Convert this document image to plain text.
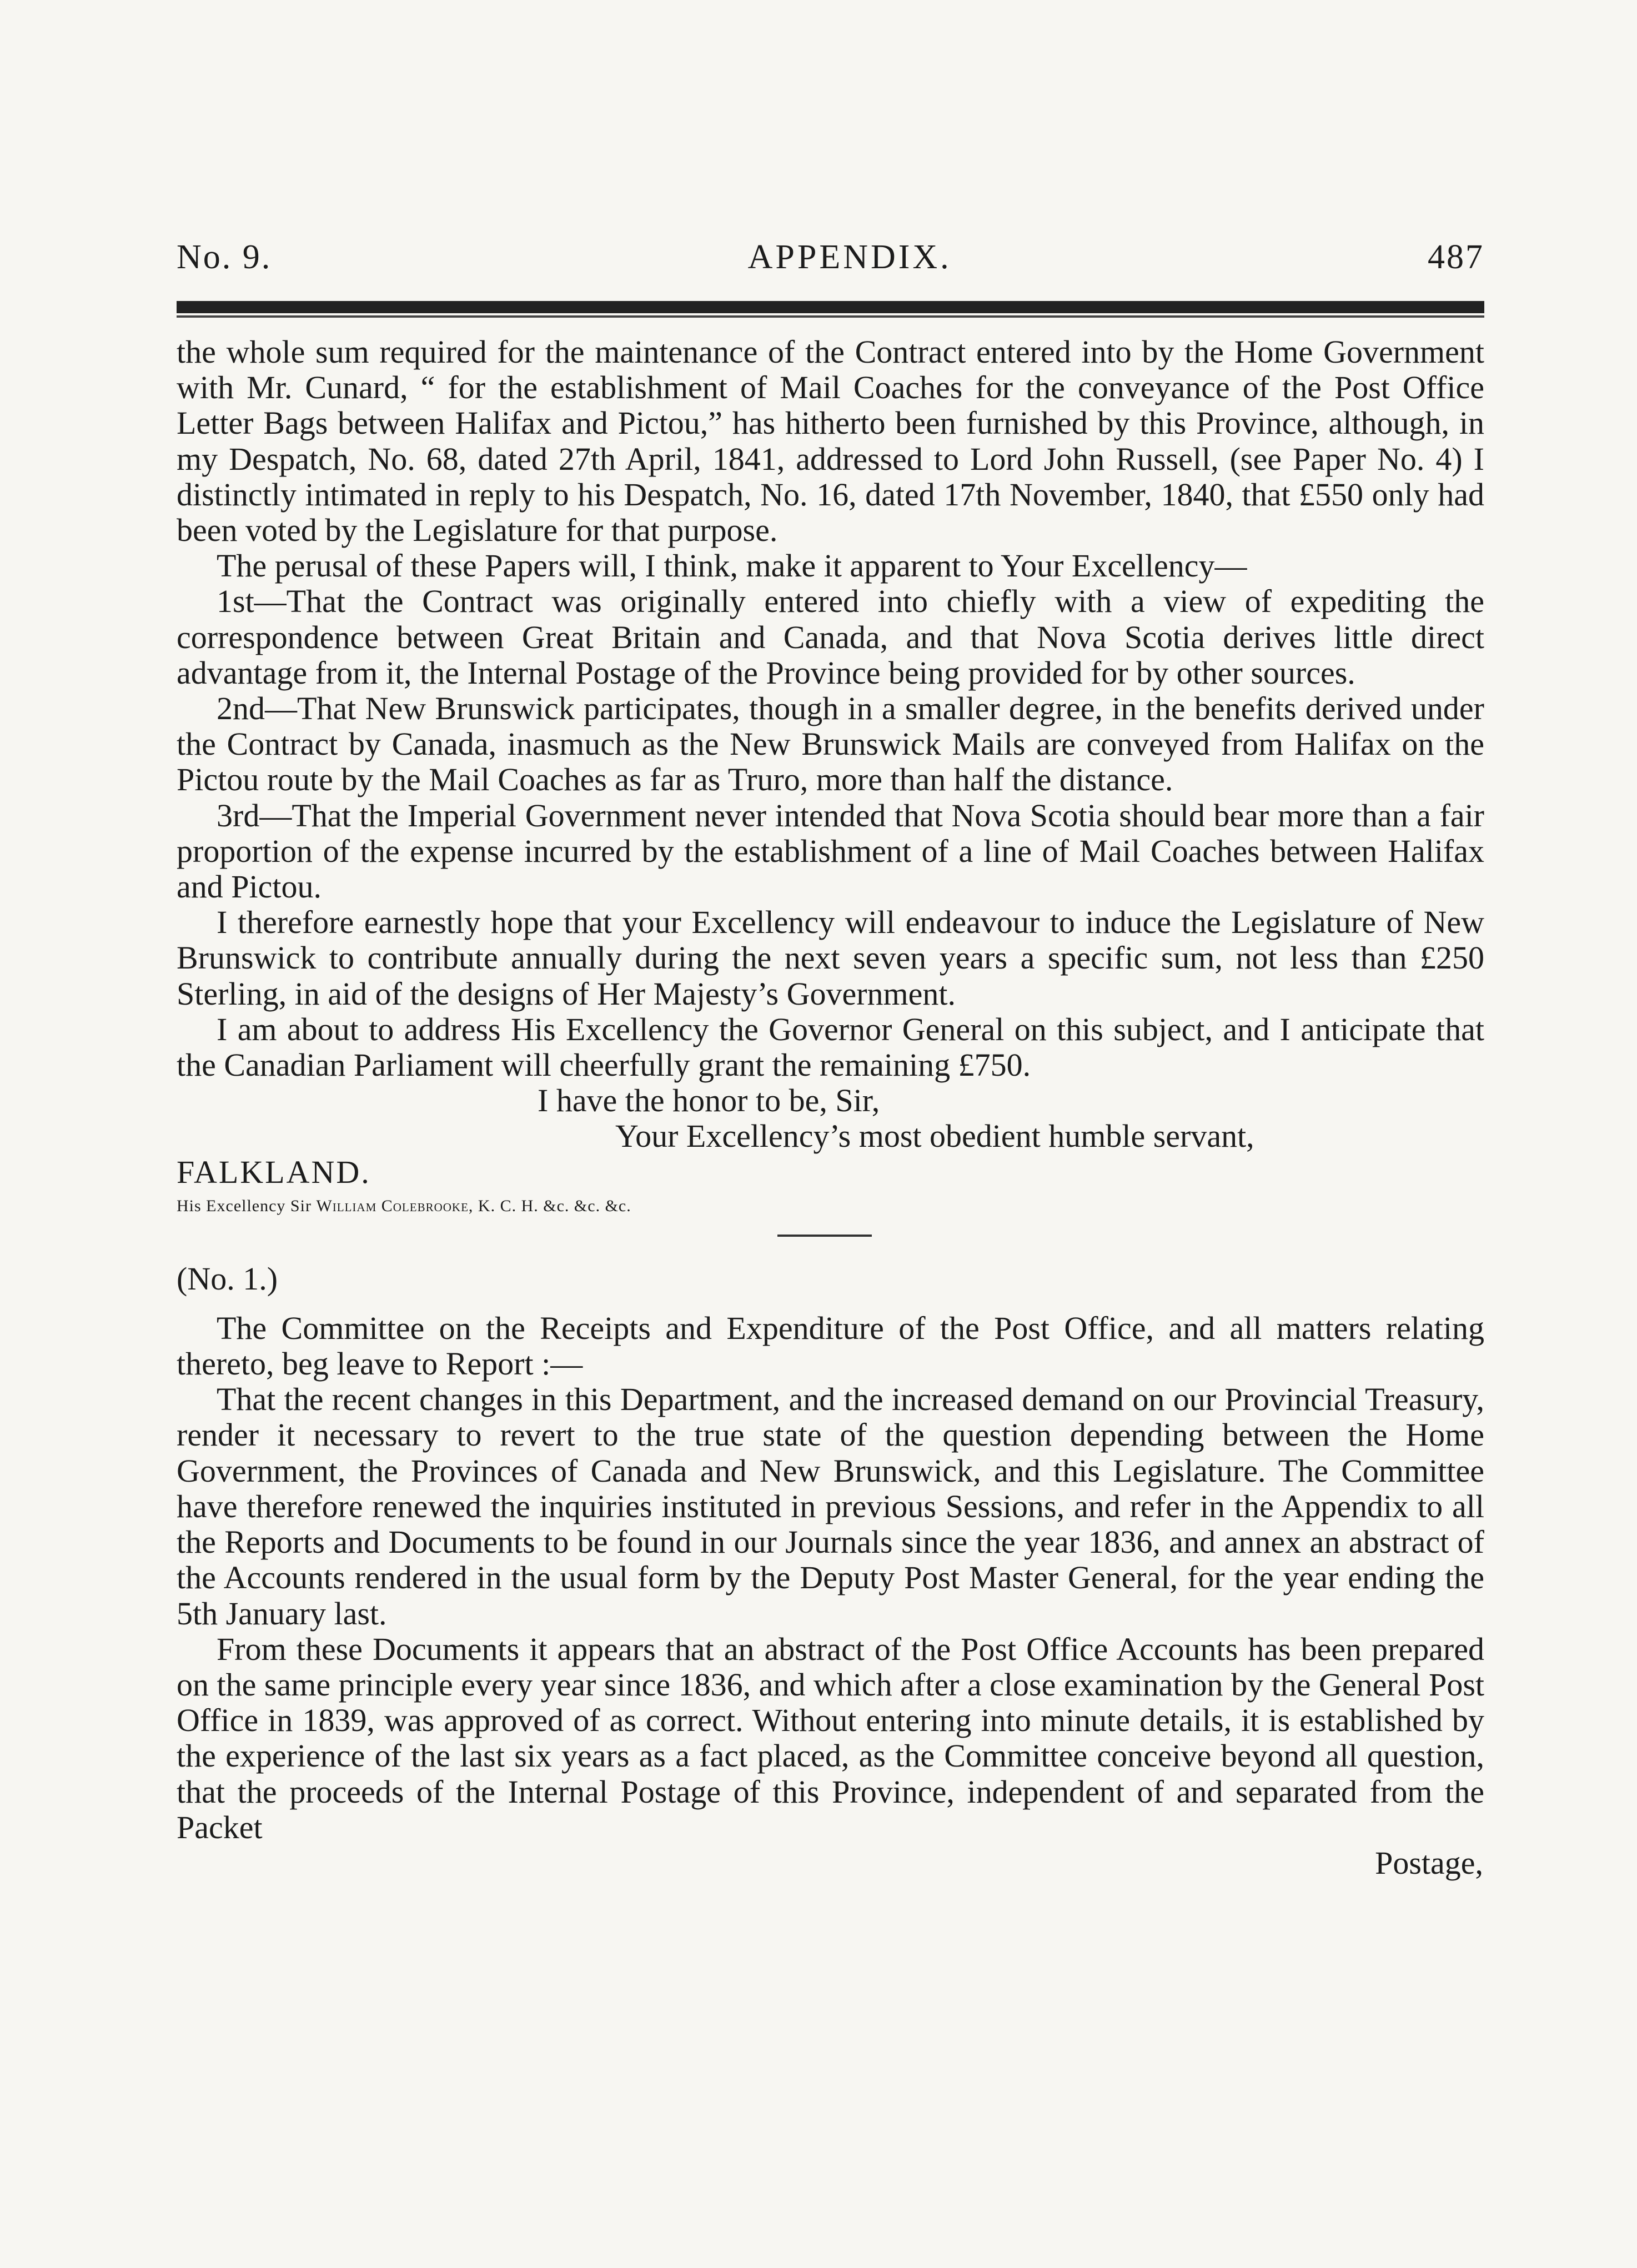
No. 9.	APPENDIX.	487

the whole sum required for the maintenance of the Contract entered into by the Home Government with Mr. Cunard, “ for the establishment of Mail Coaches for the conveyance of the Post Office Letter Bags between Halifax and Pictou,” has hitherto been furnished by this Province, although, in my Despatch, No. 68, dated 27th April, 1841, addressed to Lord John Russell, (see Paper No. 4) I distinctly intimated in reply to his Despatch, No. 16, dated 17th November, 1840, that £550 only had been voted by the Legislature for that purpose.

The perusal of these Papers will, I think, make it apparent to Your Excellency—

1st—That the Contract was originally entered into chiefly with a view of expediting the correspondence between Great Britain and Canada, and that Nova Scotia derives little direct advantage from it, the Internal Postage of the Province being provided for by other sources.

2nd—That New Brunswick participates, though in a smaller degree, in the benefits derived under the Contract by Canada, inasmuch as the New Brunswick Mails are conveyed from Halifax on the Pictou route by the Mail Coaches as far as Truro, more than half the distance.

3rd—That the Imperial Government never intended that Nova Scotia should bear more than a fair proportion of the expense incurred by the establishment of a line of Mail Coaches between Halifax and Pictou.

I therefore earnestly hope that your Excellency will endeavour to induce the Legislature of New Brunswick to contribute annually during the next seven years a specific sum, not less than £250 Sterling, in aid of the designs of Her Majesty’s Government.

I am about to address His Excellency the Governor General on this subject, and I anticipate that the Canadian Parliament will cheerfully grant the remaining £750.

I have the honor to be, Sir,

Your Excellency’s most obedient humble servant,

FALKLAND.

His Excellency Sir William Colebrooke, K. C. H. &c. &c. &c.
(No. 1.)

The Committee on the Receipts and Expenditure of the Post Office, and all matters relating thereto, beg leave to Report :—

That the recent changes in this Department, and the increased demand on our Provincial Treasury, render it necessary to revert to the true state of the question depending between the Home Government, the Provinces of Canada and New Brunswick, and this Legislature. The Committee have therefore renewed the inquiries instituted in previous Sessions, and refer in the Appendix to all the Reports and Documents to be found in our Journals since the year 1836, and annex an abstract of the Accounts rendered in the usual form by the Deputy Post Master General, for the year ending the 5th January last.

From these Documents it appears that an abstract of the Post Office Accounts has been prepared on the same principle every year since 1836, and which after a close examination by the General Post Office in 1839, was approved of as correct. Without entering into minute details, it is established by the experience of the last six years as a fact placed, as the Committee conceive beyond all question, that the proceeds of the Internal Postage of this Province, independent of and separated from the Packet

Postage,
